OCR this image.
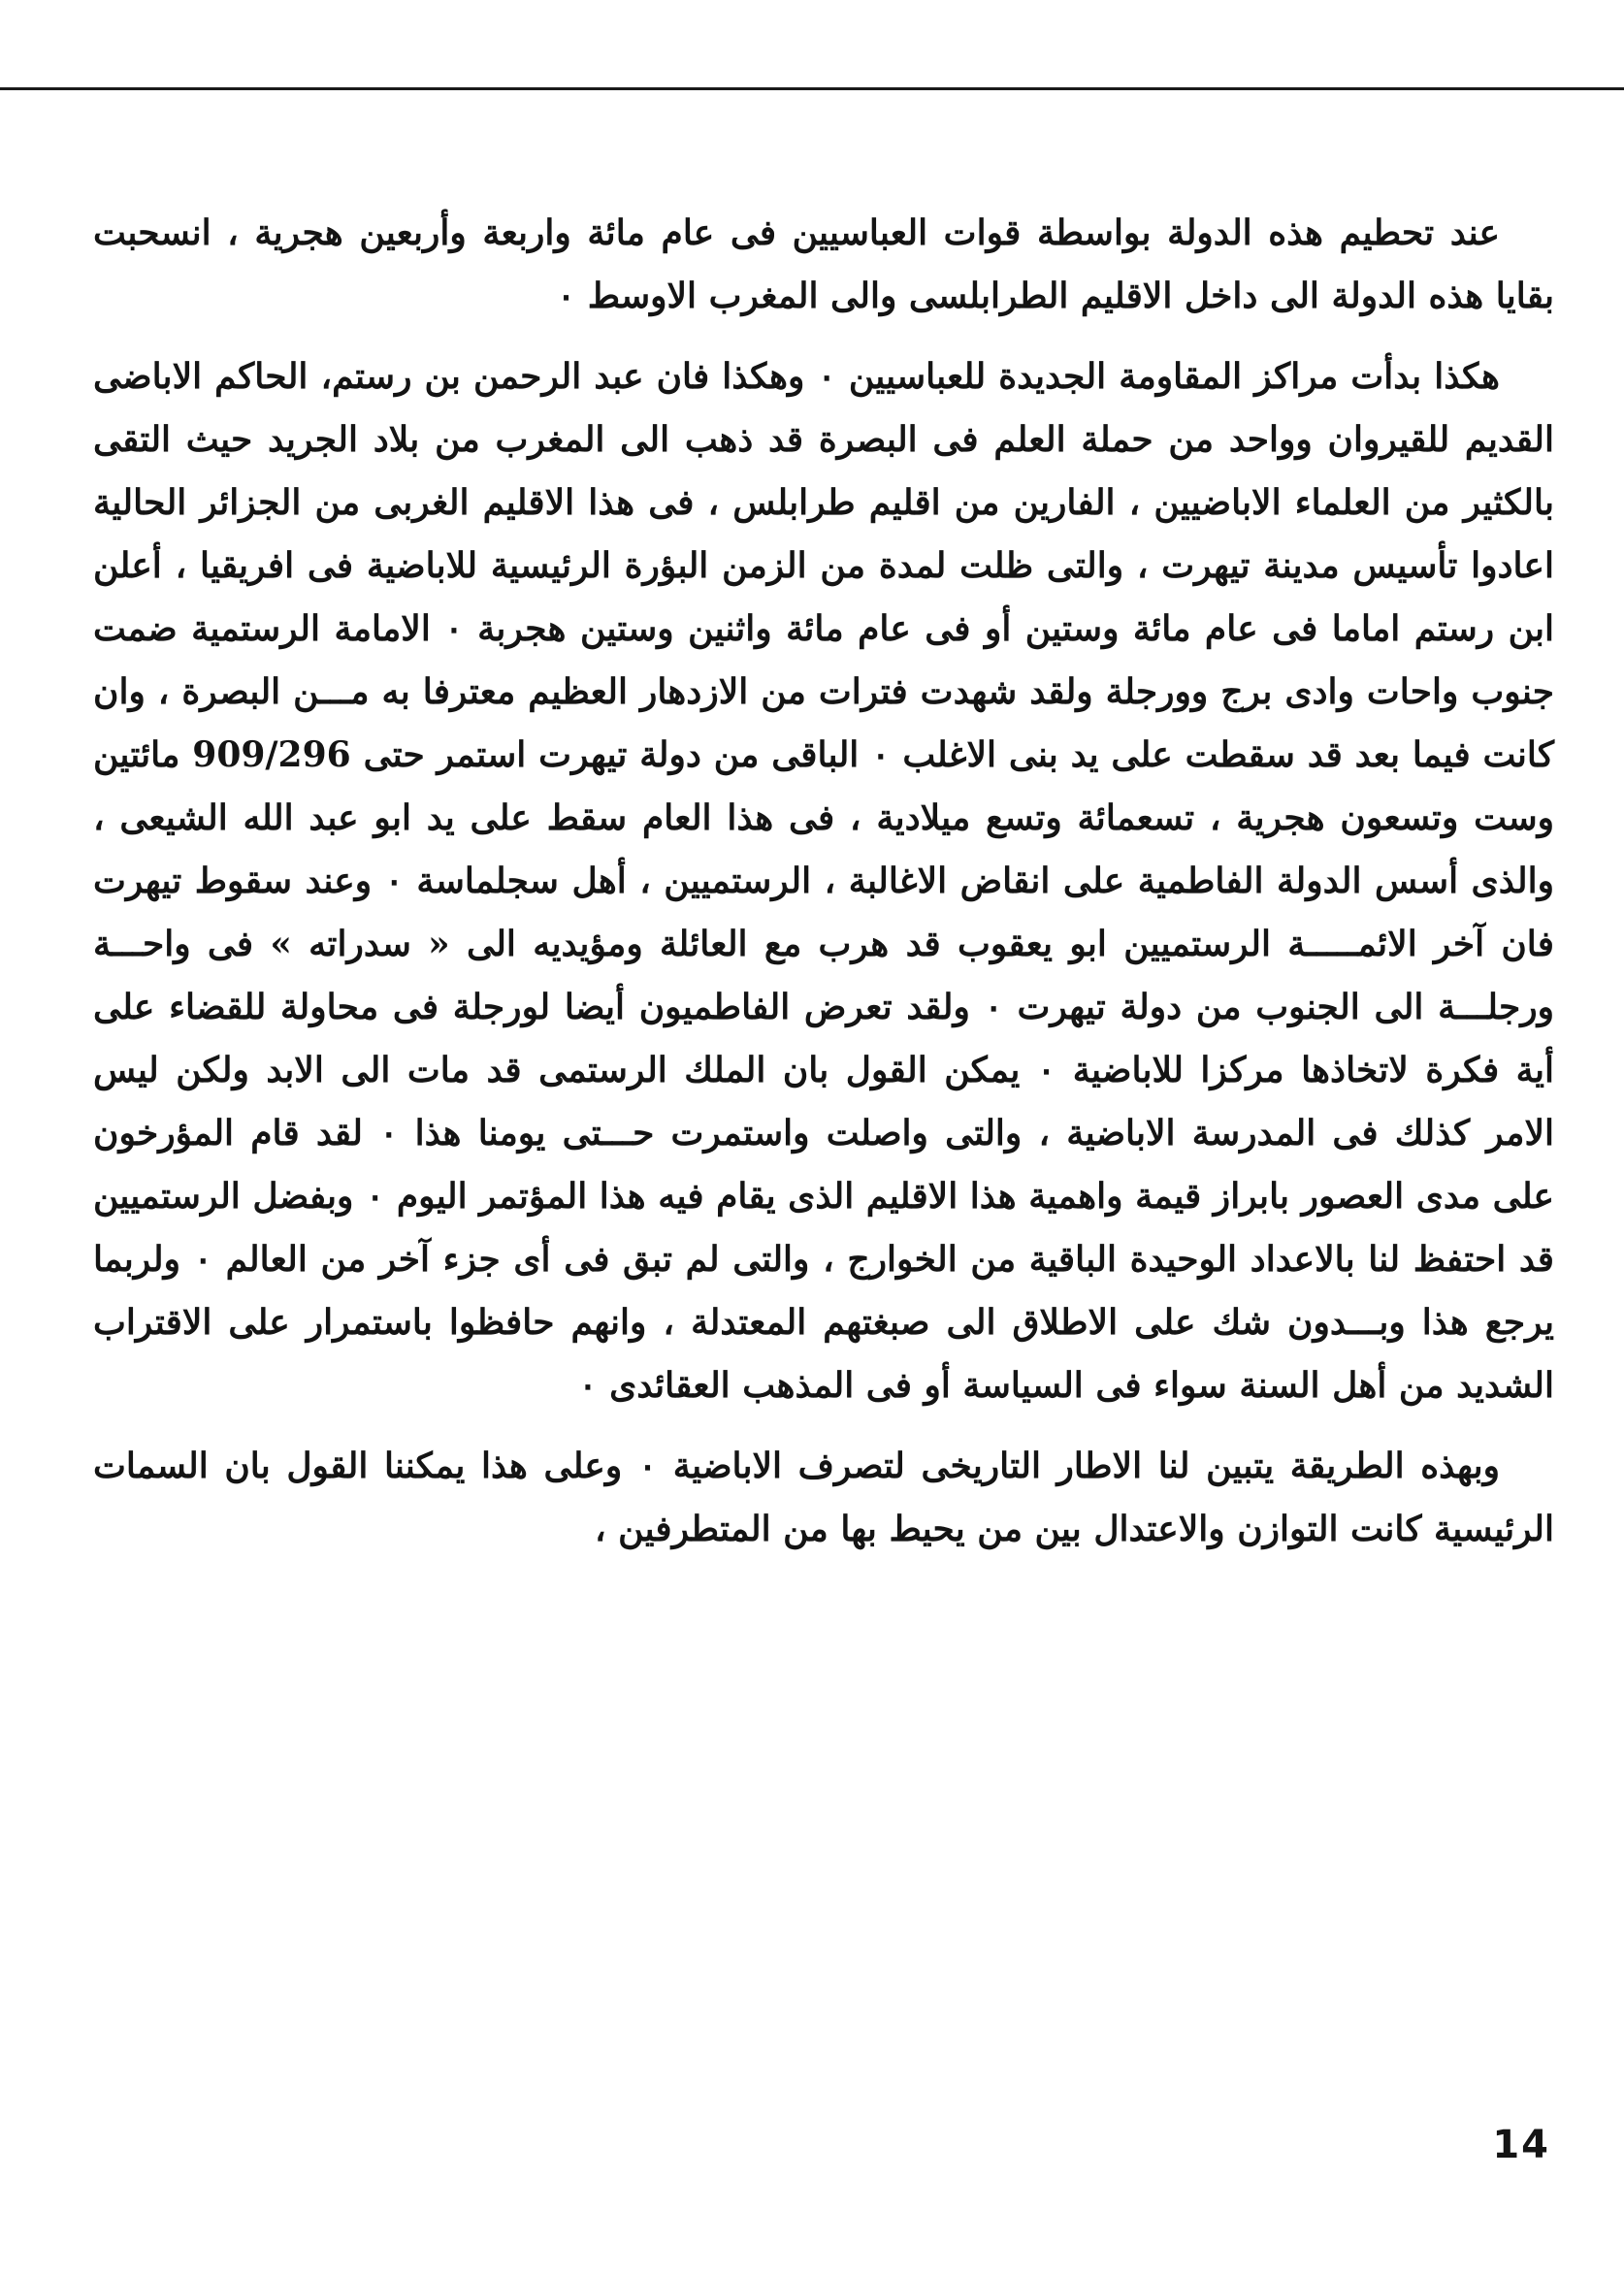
عند تحطيم هذه الدولة بواسطة قوات العباسيين فى عام مائة واربعة وأربعين هجرية ، انسحبت بقايا هذه الدولة الى داخل الاقليم الطرابلسى والى المغرب الاوسط ٠

هكذا بدأت مراكز المقاومة الجديدة للعباسيين ٠ وهكذا فان عبد الرحمن بن رستم، الحاكم الاباضى القديم للقيروان وواحد من حملة العلم فى البصرة قد ذهب الى المغرب من بلاد الجريد حيث التقى بالكثير من العلماء الاباضيين ، الفارين من اقليم طرابلس ، فى هذا الاقليم الغربى من الجزائر الحالية اعادوا تأسيس مدينة تيهرت ، والتى ظلت لمدة من الزمن البؤرة الرئيسية للاباضية فى افريقيا ، أعلن ابن رستم اماما فى عام مائة وستين أو فى عام مائة واثنين وستين هجربة ٠ الامامة الرستمية ضمت جنوب واحات وادى برج وورجلة ولقد شهدت فترات من الازدهار العظيم معترفا به مـــن البصرة ، وان كانت فيما بعد قد سقطت على يد بنى الاغلب ٠ الباقى من دولة تيهرت استمر حتى 909/296 مائتين وست وتسعون هجرية ، تسعمائة وتسع ميلادية ، فى هذا العام سقط على يد ابو عبد الله الشيعى ، والذى أسس الدولة الفاطمية على انقاض الاغالبة ، الرستميين ، أهل سجلماسة ٠ وعند سقوط تيهرت فان آخر الائمـــــة الرستميين ابو يعقوب قد هرب مع العائلة ومؤيديه الى « سدراته » فى واحـــة ورجلـــة الى الجنوب من دولة تيهرت ٠ ولقد تعرض الفاطميون أيضا لورجلة فى محاولة للقضاء على أية فكرة لاتخاذها مركزا للاباضية ٠ يمكن القول بان الملك الرستمى قد مات الى الابد ولكن ليس الامر كذلك فى المدرسة الاباضية ، والتى واصلت واستمرت حـــتى يومنا هذا ٠ لقد قام المؤرخون على مدى العصور بابراز قيمة واهمية هذا الاقليم الذى يقام فيه هذا المؤتمر اليوم ٠ وبفضل الرستميين قد احتفظ لنا بالاعداد الوحيدة الباقية من الخوارج ، والتى لم تبق فى أى جزء آخر من العالم ٠ ولربما يرجع هذا وبـــدون شك على الاطلاق الى صبغتهم المعتدلة ، وانهم حافظوا باستمرار على الاقتراب الشديد من أهل السنة سواء فى السياسة أو فى المذهب العقائدى ٠

وبهذه الطريقة يتبين لنا الاطار التاريخى لتصرف الاباضية ٠ وعلى هذا يمكننا القول بان السمات الرئيسية كانت التوازن والاعتدال بين من يحيط بها من المتطرفين ،

14
